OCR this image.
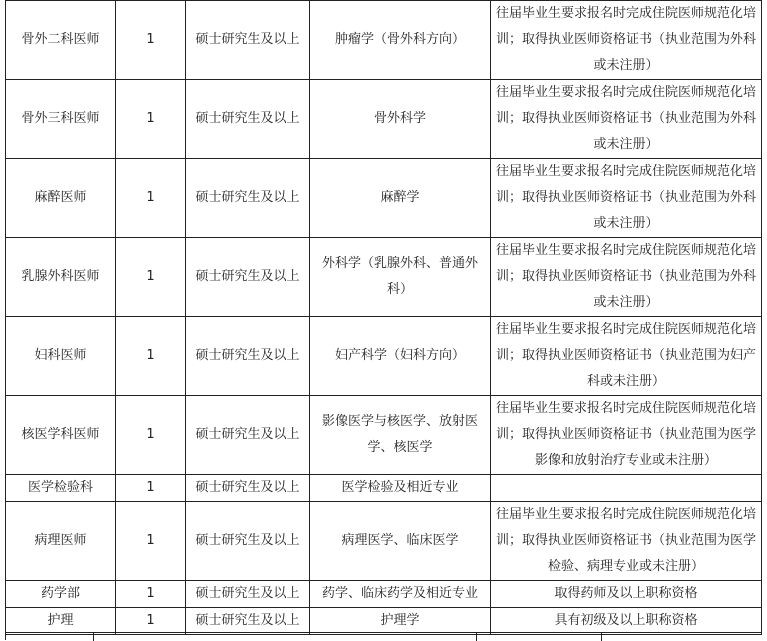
骨外二科医师	1	硕士研究生及以上	肿瘤学（骨外科方向）	往届毕业生要求报名时完成住院医师规范化培训；取得执业医师资格证书（执业范围为外科或未注册）
骨外三科医师	1	硕士研究生及以上	骨外科学	往届毕业生要求报名时完成住院医师规范化培训；取得执业医师资格证书（执业范围为外科或未注册）
麻醉医师	1	硕士研究生及以上	麻醉学	往届毕业生要求报名时完成住院医师规范化培训；取得执业医师资格证书（执业范围为外科或未注册）
乳腺外科医师	1	硕士研究生及以上	外科学（乳腺外科、普通外科）	往届毕业生要求报名时完成住院医师规范化培训；取得执业医师资格证书（执业范围为外科或未注册）
妇科医师	1	硕士研究生及以上	妇产科学（妇科方向）	往届毕业生要求报名时完成住院医师规范化培训；取得执业医师资格证书（执业范围为妇产科或未注册）
核医学科医师	1	硕士研究生及以上	影像医学与核医学、放射医学、核医学	往届毕业生要求报名时完成住院医师规范化培训；取得执业医师资格证书（执业范围为医学影像和放射治疗专业或未注册）
医学检验科	1	硕士研究生及以上	医学检验及相近专业	
病理医师	1	硕士研究生及以上	病理医学、临床医学	往届毕业生要求报名时完成住院医师规范化培训；取得执业医师资格证书（执业范围为医学检验、病理专业或未注册）
药学部	1	硕士研究生及以上	药学、临床药学及相近专业	取得药师及以上职称资格
护理	1	硕士研究生及以上	护理学	具有初级及以上职称资格
